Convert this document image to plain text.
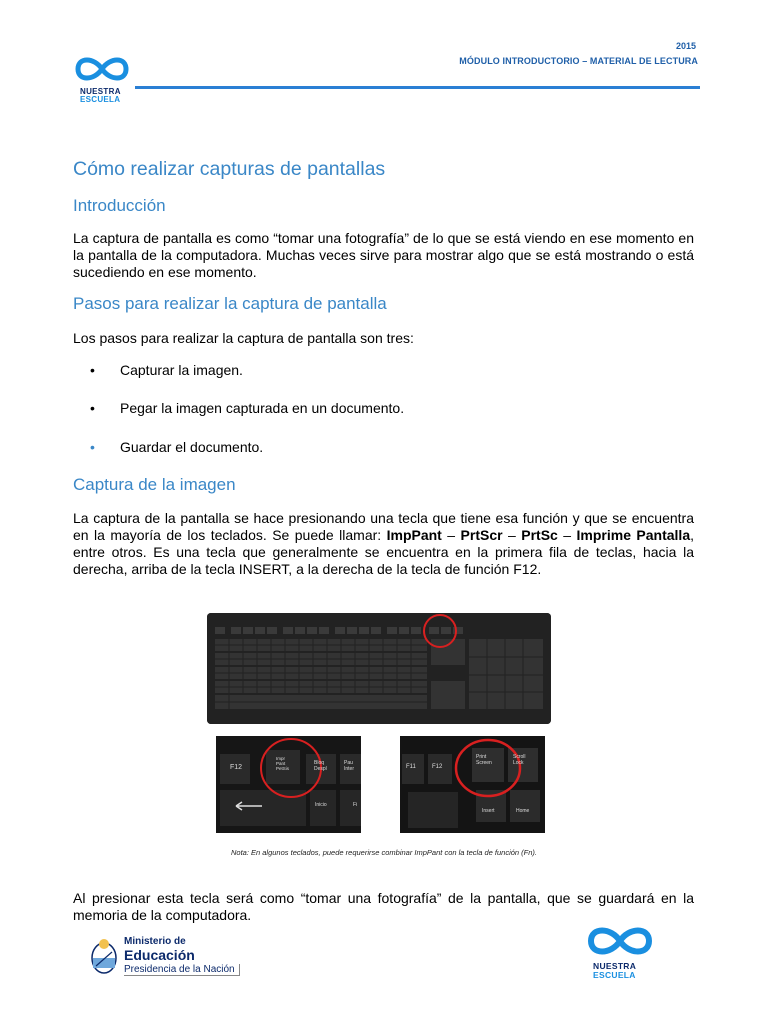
2015
MÓDULO INTRODUCTORIO – MATERIAL DE LECTURA
NUESTRA
ESCUELA
Cómo realizar capturas de pantallas
Introducción
La captura de pantalla es como “tomar una fotografía” de lo que se está viendo en ese momento en la pantalla de la computadora. Muchas veces sirve para mostrar algo que se está mostrando o está sucediendo en ese momento.
Pasos para realizar la captura de pantalla
Los pasos para realizar la captura de pantalla son tres:
• Capturar la imagen.
• Pegar la imagen capturada en un documento.
• Guardar el documento.
Captura de la imagen
La captura de la pantalla se hace presionando una tecla que tiene esa función y que se encuentra en la mayoría de los teclados. Se puede llamar: ImpPant – PrtScr – PrtSc – Imprime Pantalla, entre otros. Es una tecla que generalmente se encuentra en la primera fila de teclas, hacia la derecha, arriba de la tecla INSERT, a la derecha de la tecla de función F12.
F12
Impr Pant PetSis
Bloq Despl
Pau Inter
Inicio	Fi
F11	F12
Print Screen
Scroll Lock
Insert	Home
Nota: En algunos teclados, puede requerirse combinar ImpPant con la tecla de función (Fn).
Al presionar esta tecla será como “tomar una fotografía” de la pantalla, que se guardará en la memoria de la computadora.
Ministerio de
Educación
Presidencia de la Nación	NUESTRA
ESCUELA
